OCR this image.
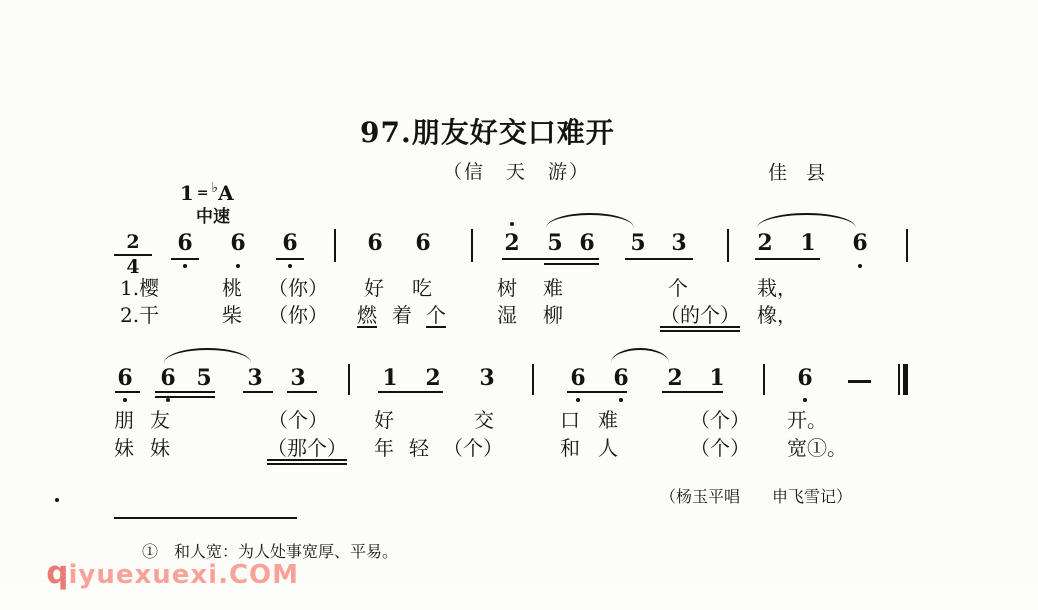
97.朋友好交口难开
（信　天　游）

1 = ♭A

佳　县
中速
2
4
6 6 6	6 6	2 5 6 5 3	2 1 6
6 6 5 3 3	1 2 3	6 6 2 1	6
1.樱	桃 （你） 好 吃	树 难	个	栽，
2.干	柴 （你） 燃 着 个	湿 柳	（的个） 橡，
朋 友	（个） 好	交	口 难	（个） 开。
妹 妹	（那个） 年 轻 （个）	和 人	（个） 宽①。
（杨玉平唱　　申飞雪记）
①　和人宽：为人处事宽厚、平易。

qiyuexuexi.COM
